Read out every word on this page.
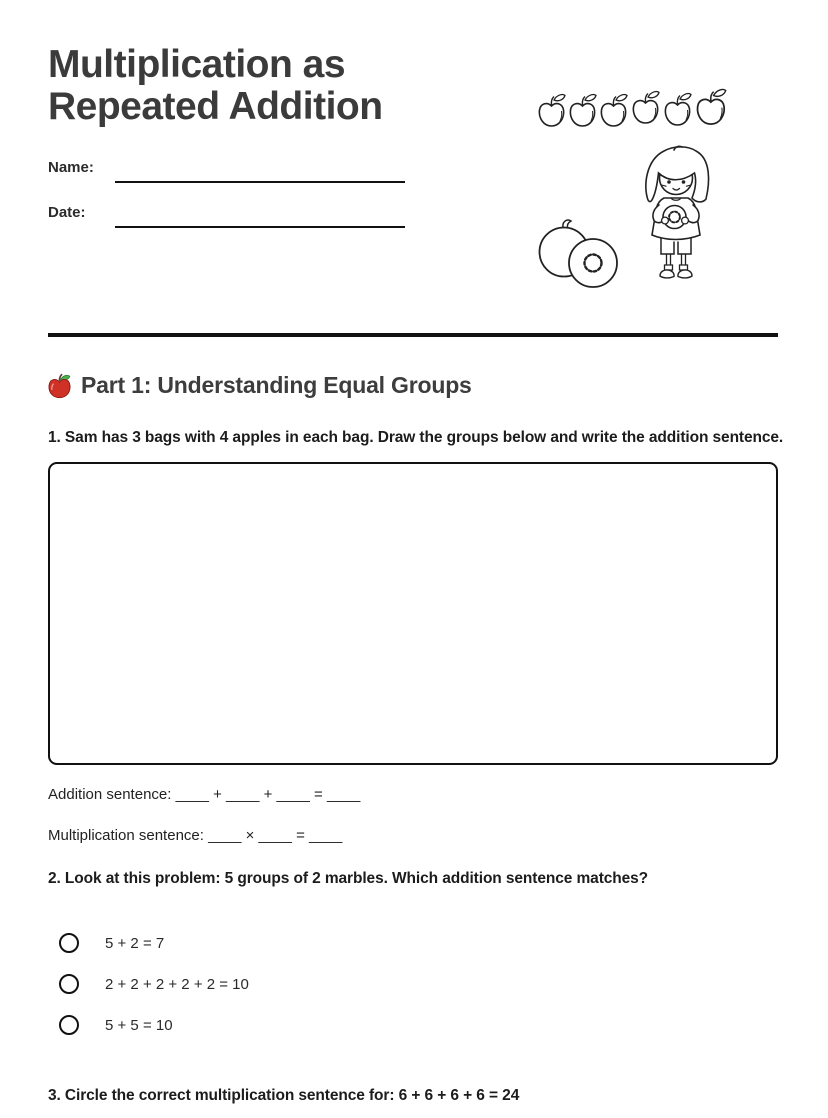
Multiplication as Repeated Addition
Name:
Date:
Part 1: Understanding Equal Groups
1. Sam has 3 bags with 4 apples in each bag. Draw the groups below and write the addition sentence.
Addition sentence: ____ + ____ + ____ = ____
Multiplication sentence: ____ × ____ = ____
2. Look at this problem: 5 groups of 2 marbles. Which addition sentence matches?
5 + 2 = 7
2 + 2 + 2 + 2 + 2 = 10
5 + 5 = 10
3. Circle the correct multiplication sentence for: 6 + 6 + 6 + 6 = 24
